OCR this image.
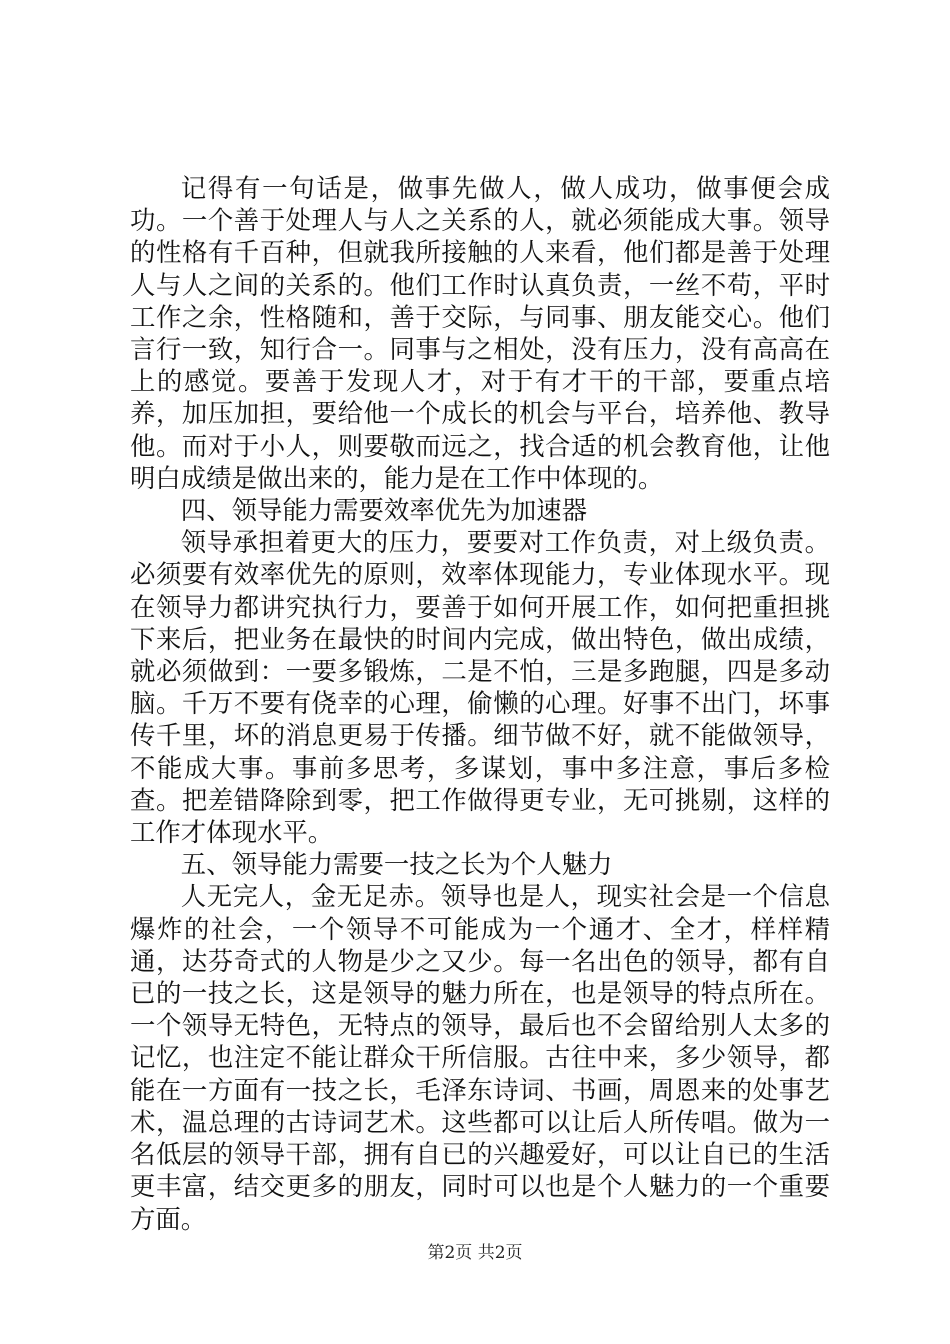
记得有一句话是，做事先做人，做人成功，做事便会成功。一个善于处理人与人之关系的人，就必须能成大事。领导的性格有千百种，但就我所接触的人来看，他们都是善于处理人与人之间的关系的。他们工作时认真负责，一丝不苟，平时工作之余，性格随和，善于交际，与同事、朋友能交心。他们言行一致，知行合一。同事与之相处，没有压力，没有高高在上的感觉。要善于发现人才，对于有才干的干部，要重点培养，加压加担，要给他一个成长的机会与平台，培养他、教导他。而对于小人，则要敬而远之，找合适的机会教育他，让他明白成绩是做出来的，能力是在工作中体现的。

四、领导能力需要效率优先为加速器

领导承担着更大的压力，要要对工作负责，对上级负责。必须要有效率优先的原则，效率体现能力，专业体现水平。现在领导力都讲究执行力，要善于如何开展工作，如何把重担挑下来后，把业务在最快的时间内完成，做出特色，做出成绩，就必须做到：一要多锻炼，二是不怕，三是多跑腿，四是多动脑。千万不要有侥幸的心理，偷懒的心理。好事不出门，坏事传千里，坏的消息更易于传播。细节做不好，就不能做领导，不能成大事。事前多思考，多谋划，事中多注意，事后多检查。把差错降除到零，把工作做得更专业，无可挑剔，这样的工作才体现水平。

五、领导能力需要一技之长为个人魅力

人无完人，金无足赤。领导也是人，现实社会是一个信息爆炸的社会，一个领导不可能成为一个通才、全才，样样精通，达芬奇式的人物是少之又少。每一名出色的领导，都有自已的一技之长，这是领导的魅力所在，也是领导的特点所在。一个领导无特色，无特点的领导，最后也不会留给别人太多的记忆，也注定不能让群众干所信服。古往中来，多少领导，都能在一方面有一技之长，毛泽东诗词、书画，周恩来的处事艺术，温总理的古诗词艺术。这些都可以让后人所传唱。做为一名低层的领导干部，拥有自已的兴趣爱好，可以让自已的生活更丰富，结交更多的朋友，同时可以也是个人魅力的一个重要方面。

第2页 共2页
